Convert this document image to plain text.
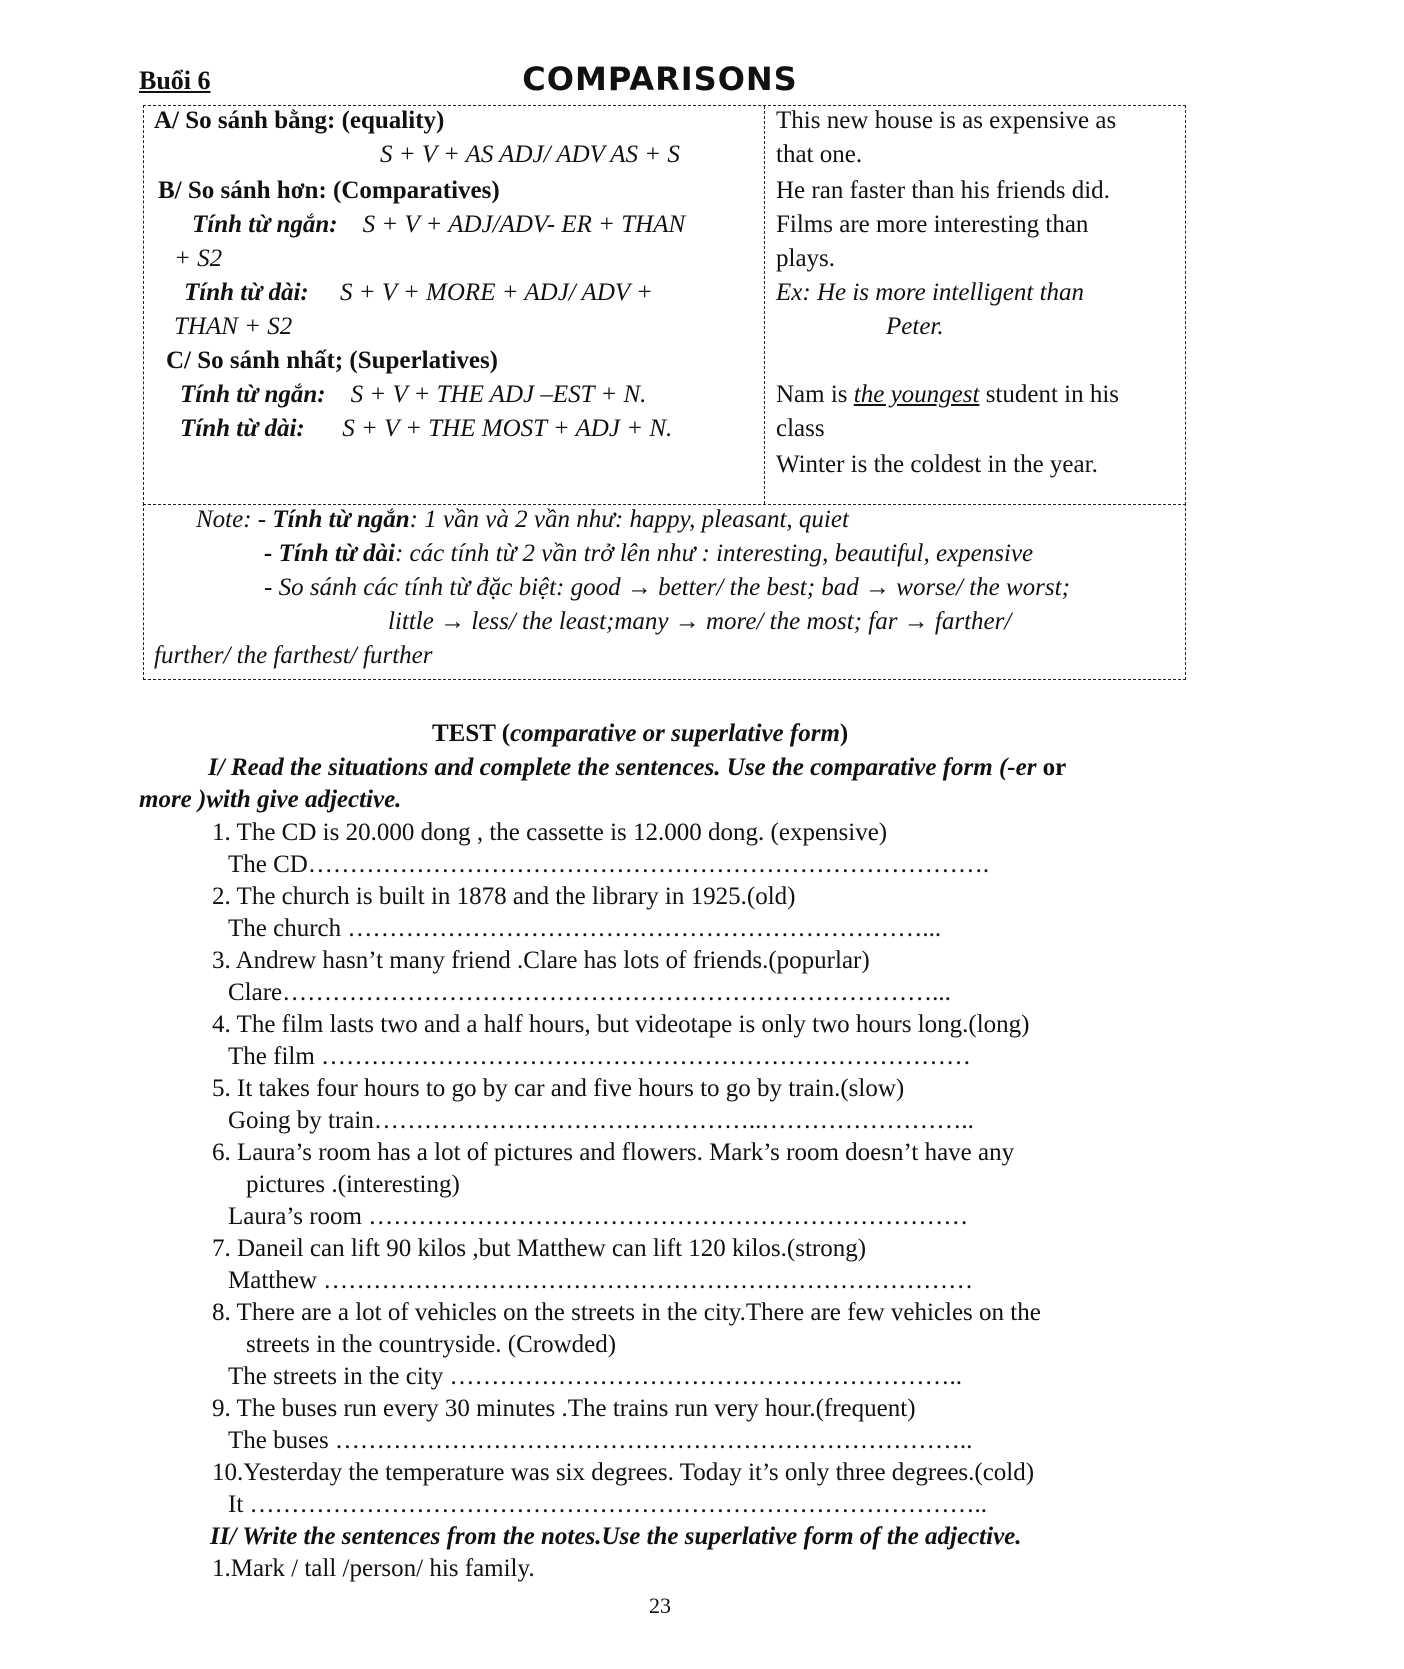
Buổi 6	COMPARISONS
A/ So sánh bằng: (equality)
S + V + AS ADJ/ ADV AS + S
B/ So sánh hơn: (Comparatives)
Tính từ ngắn: S + V + ADJ/ADV- ER + THAN
+ S2
Tính từ dài: S + V + MORE + ADJ/ ADV +
THAN + S2
C/ So sánh nhất; (Superlatives)
Tính từ ngắn: S + V + THE ADJ –EST + N.
Tính từ dài: S + V + THE MOST + ADJ + N.
This new house is as expensive as
that one.
He ran faster than his friends did.
Films are more interesting than
plays.
Ex: He is more intelligent than
Peter.
Nam is the youngest student in his
class
Winter is the coldest in the year.
Note: - Tính từ ngắn: 1 vần và 2 vần như: happy, pleasant, quiet
- Tính từ dài: các tính từ 2 vần trở lên như : interesting, beautiful, expensive
- So sánh các tính từ đặc biệt: good → better/ the best; bad → worse/ the worst;
little → less/ the least;many → more/ the most; far → farther/
further/ the farthest/ further
TEST (comparative or superlative form)
I/ Read the situations and complete the sentences. Use the comparative form (-er or
more )with give adjective.
1. The CD is 20.000 dong , the cassette is 12.000 dong. (expensive)
The CD……………………………………………………………………….
2. The church is built in 1878 and the library in 1925.(old)
The church ……………………………………………………………...
3. Andrew hasn’t many friend .Clare has lots of friends.(popurlar)
Clare……………………………………………………………………...
4. The film lasts two and a half hours, but videotape is only two hours long.(long)
The film ……………………………………………………………………
5. It takes four hours to go by car and five hours to go by train.(slow)
Going by train………………………………………..……………………..
6. Laura’s room has a lot of pictures and flowers. Mark’s room doesn’t have any
pictures .(interesting)
Laura’s room ………………………………………………………………
7. Daneil can lift 90 kilos ,but Matthew can lift 120 kilos.(strong)
Matthew ……………………………………………………………………
8. There are a lot of vehicles on the streets in the city.There are few vehicles on the
streets in the countryside. (Crowded)
The streets in the city ……………………………………………………..
9. The buses run every 30 minutes .The trains run very hour.(frequent)
The buses …………………………………………………………………..
10.Yesterday the temperature was six degrees. Today it’s only three degrees.(cold)
It ……………………………………………………………………………..
II/ Write the sentences from the notes.Use the superlative form of the adjective.
1.Mark / tall /person/ his family.
23
